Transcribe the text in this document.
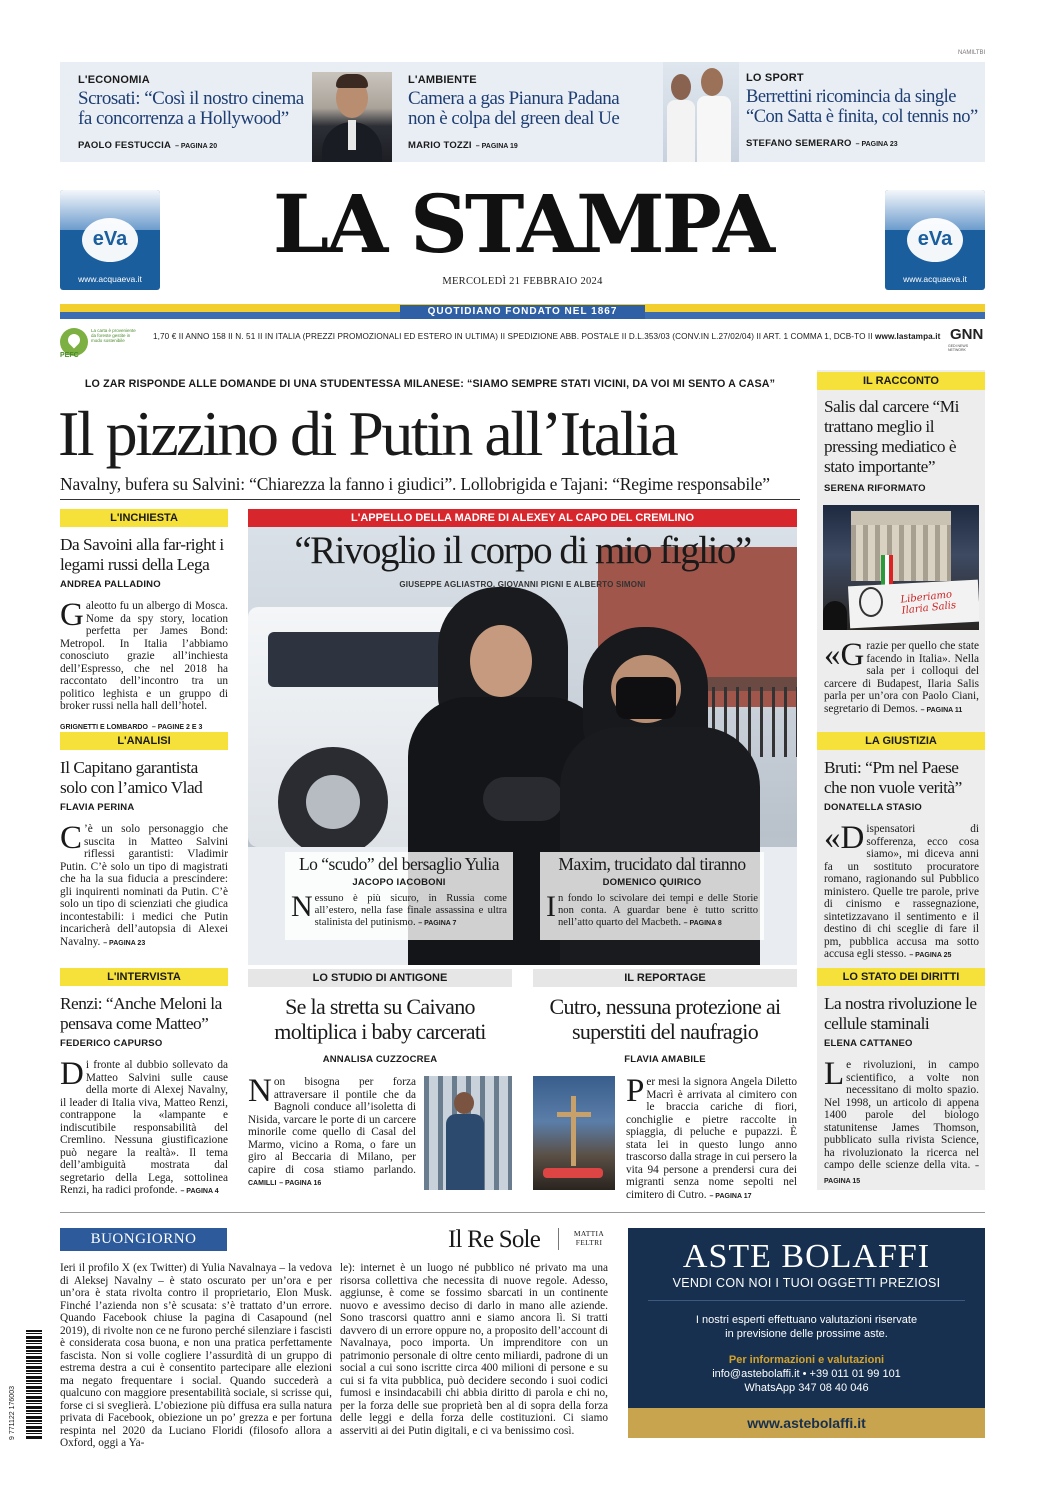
NAMILTBI
L'ECONOMIA
Scrosati: “Così il nostro cinema fa concorrenza a Hollywood”
PAOLO FESTUCCIA – PAGINA 20
L'AMBIENTE
Camera a gas Pianura Padana non è colpa del green deal Ue
MARIO TOZZI – PAGINA 19
LO SPORT
Berrettini ricomincia da single “Con Satta è finita, col tennis no”
STEFANO SEMERARO – PAGINA 23
eVa
www.acquaeva.it
eVa
www.acquaeva.it
LA STAMPA
MERCOLEDÌ 21 FEBBRAIO 2024
QUOTIDIANO FONDATO NEL 1867
PEFC
La carta è proveniente da foreste gestite in modo sostenibile	1,70 € II ANNO 158 II N. 51 II IN ITALIA (PREZZI PROMOZIONALI ED ESTERO IN ULTIMA) II SPEDIZIONE ABB. POSTALE II D.L.353/03 (CONV.IN L.27/02/04) II ART. 1 COMMA 1, DCB-TO II www.lastampa.it GNN
GEDI NEWS NETWORK
LO ZAR RISPONDE ALLE DOMANDE DI UNA STUDENTESSA MILANESE: “SIAMO SEMPRE STATI VICINI, DA VOI MI SENTO A CASA”
Il pizzino di Putin all’Italia
Navalny, bufera su Salvini: “Chiarezza la fanno i giudici”. Lollobrigida e Tajani: “Regime responsabile”
L'INCHIESTA
Da Savoini alla far-right i legami russi della Lega
ANDREA PALLADINO
Galeotto fu un albergo di Mosca. Nome da spy story, location perfetta per James Bond: Metropol. In Italia l’abbiamo conosciuto grazie all’inchiesta dell’Espresso, che nel 2018 ha raccontato dell’incontro tra un politico leghista e un gruppo di broker russi nella hall dell’hotel.
GRIGNETTI E LOMBARDO – PAGINE 2 E 3
L'ANALISI
Il Capitano garantista solo con l’amico Vlad
FLAVIA PERINA
C ’è un solo personaggio che suscita in Matteo Salvini riflessi garantisti: Vladimir Putin. C’è solo un tipo di magistrati che ha la sua fiducia a prescindere: gli inquirenti nominati da Putin. C’è solo un tipo di scienziati che giudica incontestabili: i medici che Putin incaricherà dell’autopsia di Alexei Navalny. – PAGINA 23
L'INTERVISTA
Renzi: “Anche Meloni la pensava come Matteo”
FEDERICO CAPURSO
Di fronte al dubbio sollevato da Matteo Salvini sulle cause della morte di Alexej Navalny, il leader di Italia viva, Matteo Renzi, contrappone la «lampante e indiscutibile responsabilità del Cremlino. Nessuna giustificazione può negare la realtà». Il tema dell’ambiguità mostrata dal segretario della Lega, sottolinea Renzi, ha radici profonde. – PAGINA 4
L'APPELLO DELLA MADRE DI ALEXEY AL CAPO DEL CREMLINO
“Rivoglio il corpo di mio figlio”
GIUSEPPE AGLIASTRO, GIOVANNI PIGNI E ALBERTO SIMONI
Lo “scudo” del bersaglio Yulia
JACOPO IACOBONI
Nessuno è più sicuro, in Russia come all’estero, nella fase finale assassina e ultra stalinista del putinismo. – PAGINA 7
Maxim, trucidato dal tiranno
DOMENICO QUIRICO
In fondo lo scivolare dei tempi e delle Storie non conta. A guardar bene è tutto scritto nell’atto quarto del Macbeth. – PAGINA 8
LO STUDIO DI ANTIGONE
Se la stretta su Caivano moltiplica i baby carcerati
ANNALISA CUZZOCREA
Non bisogna per forza attraversare il pontile che da Bagnoli conduce all’isoletta di Nisida, varcare le porte di un carcere minorile come quello di Casal del Marmo, vicino a Roma, o fare un giro al Beccaria di Milano, per capire di cosa stiamo parlando. CAMILLI – PAGINA 16
IL REPORTAGE
Cutro, nessuna protezione ai superstiti del naufragio
FLAVIA AMABILE
Per mesi la signora Angela Diletto Macrì è arrivata al cimitero con le braccia cariche di fiori, conchiglie e pietre raccolte in spiaggia, di peluche e pupazzi. È stata lei in questo lungo anno trascorso dalla strage in cui persero la vita 94 persone a prendersi cura dei migranti senza nome sepolti nel cimitero di Cutro. – PAGINA 17
IL RACCONTO
Salis dal carcere “Mi trattano meglio il pressing mediatico è stato importante”
SERENA RIFORMATO
Liberiamo Ilaria Salis
«G razie per quello che state facendo in Italia». Nella sala per i colloqui del carcere di Budapest, Ilaria Salis parla per un’ora con Paolo Ciani, segretario di Demos. – PAGINA 11
LA GIUSTIZIA
Bruti: “Pm nel Paese che non vuole verità”
DONATELLA STASIO
«D ispensatori di sofferenza, ecco cosa siamo», mi diceva anni fa un sostituto procuratore romano, ragionando sul Pubblico ministero. Quelle tre parole, prive di cinismo e rassegnazione, sintetizzavano il sentimento e il destino di chi sceglie di fare il pm, pubblica accusa ma sotto accusa egli stesso. – PAGINA 25
LO STATO DEI DIRITTI
La nostra rivoluzione le cellule staminali
ELENA CATTANEO
Le rivoluzioni, in campo scientifico, a volte non necessitano di molto spazio. Nel 1998, un articolo di appena 1400 parole del biologo statunitense James Thomson, pubblicato sulla rivista Science, ha rivoluzionato la ricerca nel campo delle scienze della vita. – PAGINA 15
BUONGIORNO	Il Re Sole	MATTIA FELTRI
Ieri il profilo X (ex Twitter) di Yulia Navalnaya – la vedova di Aleksej Navalny – è stato oscurato per un’ora e per un’ora è stata rivolta contro il proprietario, Elon Musk. Finché l’azienda non s’è scusata: s’è trattato d’un errore. Quando Facebook chiuse la pagina di Casapound (nel 2019), di rivolte non ce ne furono perché silenziare i fascisti è considerata cosa buona, e non una pratica perfettamente fascista. Non si volle cogliere l’assurdità di un gruppo di estrema destra a cui è consentito partecipare alle elezioni ma negato frequentare i social. Quando succederà a qualcuno con maggiore presentabilità sociale, si scrisse qui, forse ci si sveglierà. L’obiezione più diffusa era sulla natura privata di Facebook, obiezione un po’ grezza e per fortuna respinta nel 2020 da Luciano Floridi (filosofo allora a Oxford, oggi a Ya-
le): internet è un luogo né pubblico né privato ma una risorsa collettiva che necessita di nuove regole. Adesso, aggiunse, è come se fossimo sbarcati in un continente nuovo e avessimo deciso di darlo in mano alle aziende. Sono trascorsi quattro anni e siamo ancora lì. Si tratti davvero di un errore oppure no, a proposito dell’account di Navalnaya, poco importa. Un imprenditore con un patrimonio personale di oltre cento miliardi, padrone di un social a cui sono iscritte circa 400 milioni di persone e su cui si fa vita pubblica, può decidere secondo i suoi codici fumosi e insindacabili chi abbia diritto di parola e chi no, per la forza delle sue proprietà ben al di sopra della forza delle leggi e della forza delle costituzioni. Ci siamo asserviti ai dei Putin digitali, e ci va benissimo così.
9 771122 176003
ASTE BOLAFFI
VENDI CON NOI I TUOI OGGETTI PREZIOSI
I nostri esperti effettuano valutazioni riservate
in previsione delle prossime aste.
Per informazioni e valutazioni
info@astebolaffi.it • +39 011 01 99 101
WhatsApp 347 08 40 046
www.astebolaffi.it
